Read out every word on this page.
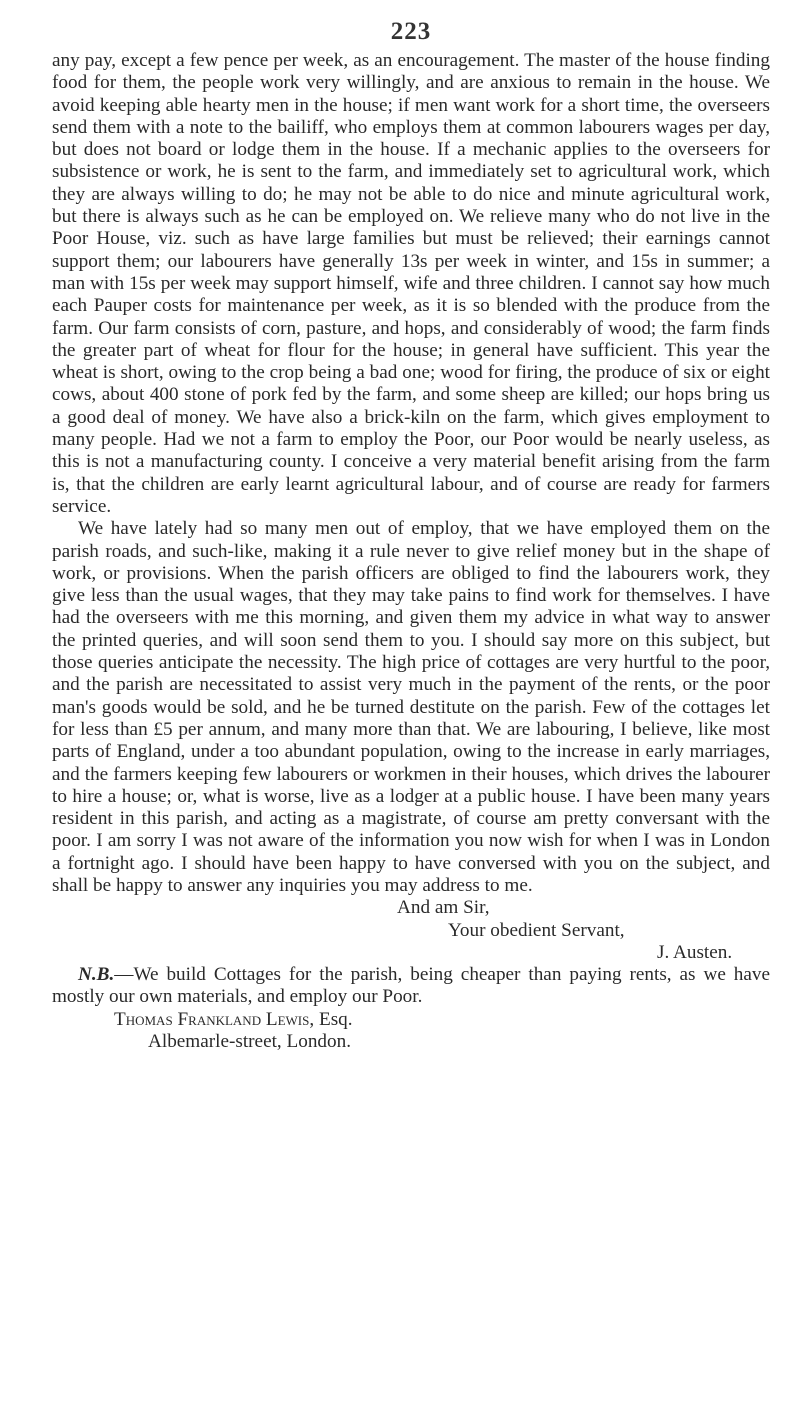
223

any pay, except a few pence per week, as an encouragement. The master of the house finding food for them, the people work very willingly, and are anxious to remain in the house. We avoid keeping able hearty men in the house; if men want work for a short time, the overseers send them with a note to the bailiff, who employs them at common labourers wages per day, but does not board or lodge them in the house. If a mechanic applies to the overseers for subsistence or work, he is sent to the farm, and immediately set to agricultural work, which they are always willing to do; he may not be able to do nice and minute agricultural work, but there is always such as he can be employed on. We relieve many who do not live in the Poor House, viz. such as have large families but must be relieved; their earnings cannot support them; our labourers have generally 13s per week in winter, and 15s in summer; a man with 15s per week may support himself, wife and three children. I cannot say how much each Pauper costs for maintenance per week, as it is so blended with the produce from the farm. Our farm consists of corn, pasture, and hops, and considerably of wood; the farm finds the greater part of wheat for flour for the house; in general have sufficient. This year the wheat is short, owing to the crop being a bad one; wood for firing, the produce of six or eight cows, about 400 stone of pork fed by the farm, and some sheep are killed; our hops bring us a good deal of money. We have also a brick-kiln on the farm, which gives employment to many people. Had we not a farm to employ the Poor, our Poor would be nearly useless, as this is not a manufacturing county. I conceive a very material benefit arising from the farm is, that the children are early learnt agricultural labour, and of course are ready for farmers service.

We have lately had so many men out of employ, that we have employed them on the parish roads, and such-like, making it a rule never to give relief money but in the shape of work, or provisions. When the parish officers are obliged to find the labourers work, they give less than the usual wages, that they may take pains to find work for themselves. I have had the overseers with me this morning, and given them my advice in what way to answer the printed queries, and will soon send them to you. I should say more on this subject, but those queries anticipate the necessity. The high price of cottages are very hurtful to the poor, and the parish are necessitated to assist very much in the payment of the rents, or the poor man's goods would be sold, and he be turned destitute on the parish. Few of the cottages let for less than £5 per annum, and many more than that. We are labouring, I believe, like most parts of England, under a too abundant population, owing to the increase in early marriages, and the farmers keeping few labourers or workmen in their houses, which drives the labourer to hire a house; or, what is worse, live as a lodger at a public house. I have been many years resident in this parish, and acting as a magistrate, of course am pretty conversant with the poor. I am sorry I was not aware of the information you now wish for when I was in London a fortnight ago. I should have been happy to have conversed with you on the subject, and shall be happy to answer any inquiries you may address to me.

And am Sir,

Your obedient Servant,

J. Austen.

N.B.—We build Cottages for the parish, being cheaper than paying rents, as we have mostly our own materials, and employ our Poor.

Thomas Frankland Lewis, Esq.

Albemarle-street, London.
